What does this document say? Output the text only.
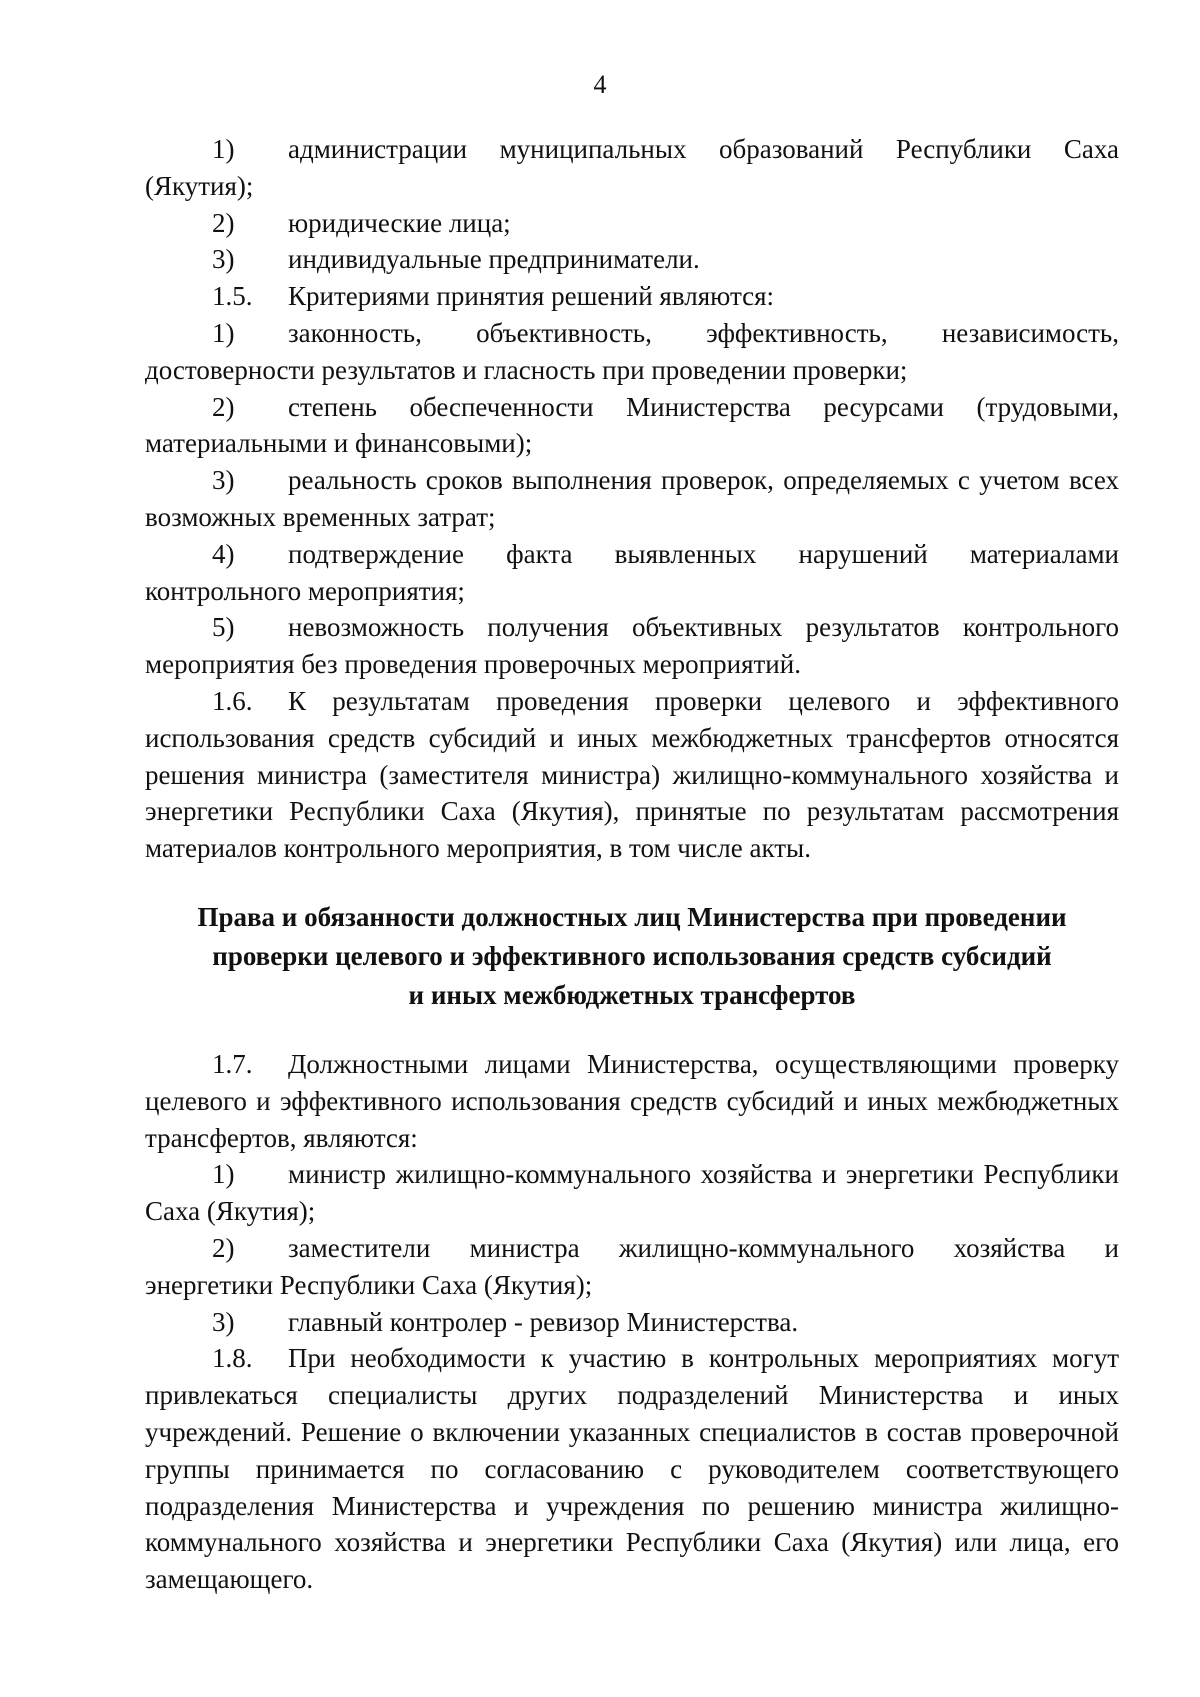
4

1) администрации муниципальных образований Республики Саха (Якутия);

2) юридические лица;

3) индивидуальные предприниматели.

1.5. Критериями принятия решений являются:

1) законность, объективность, эффективность, независимость, достоверности результатов и гласность при проведении проверки;

2) степень обеспеченности Министерства ресурсами (трудовыми, материальными и финансовыми);

3) реальность сроков выполнения проверок, определяемых с учетом всех возможных временных затрат;

4) подтверждение факта выявленных нарушений материалами контрольного мероприятия;

5) невозможность получения объективных результатов контрольного мероприятия без проведения проверочных мероприятий.

1.6. К результатам проведения проверки целевого и эффективного использования средств субсидий и иных межбюджетных трансфертов относятся решения министра (заместителя министра) жилищно-коммунального хозяйства и энергетики Республики Саха (Якутия), принятые по результатам рассмотрения материалов контрольного мероприятия, в том числе акты.

Права и обязанности должностных лиц Министерства при проведении
проверки целевого и эффективного использования средств субсидий
и иных межбюджетных трансфертов

1.7. Должностными лицами Министерства, осуществляющими проверку целевого и эффективного использования средств субсидий и иных межбюджетных трансфертов, являются:

1) министр жилищно-коммунального хозяйства и энергетики Республики Саха (Якутия);

2) заместители министра жилищно-коммунального хозяйства и энергетики Республики Саха (Якутия);

3) главный контролер - ревизор Министерства.

1.8. При необходимости к участию в контрольных мероприятиях могут привлекаться специалисты других подразделений Министерства и иных учреждений. Решение о включении указанных специалистов в состав проверочной группы принимается по согласованию с руководителем соответствующего подразделения Министерства и учреждения по решению министра жилищно-коммунального хозяйства и энергетики Республики Саха (Якутия) или лица, его замещающего.
